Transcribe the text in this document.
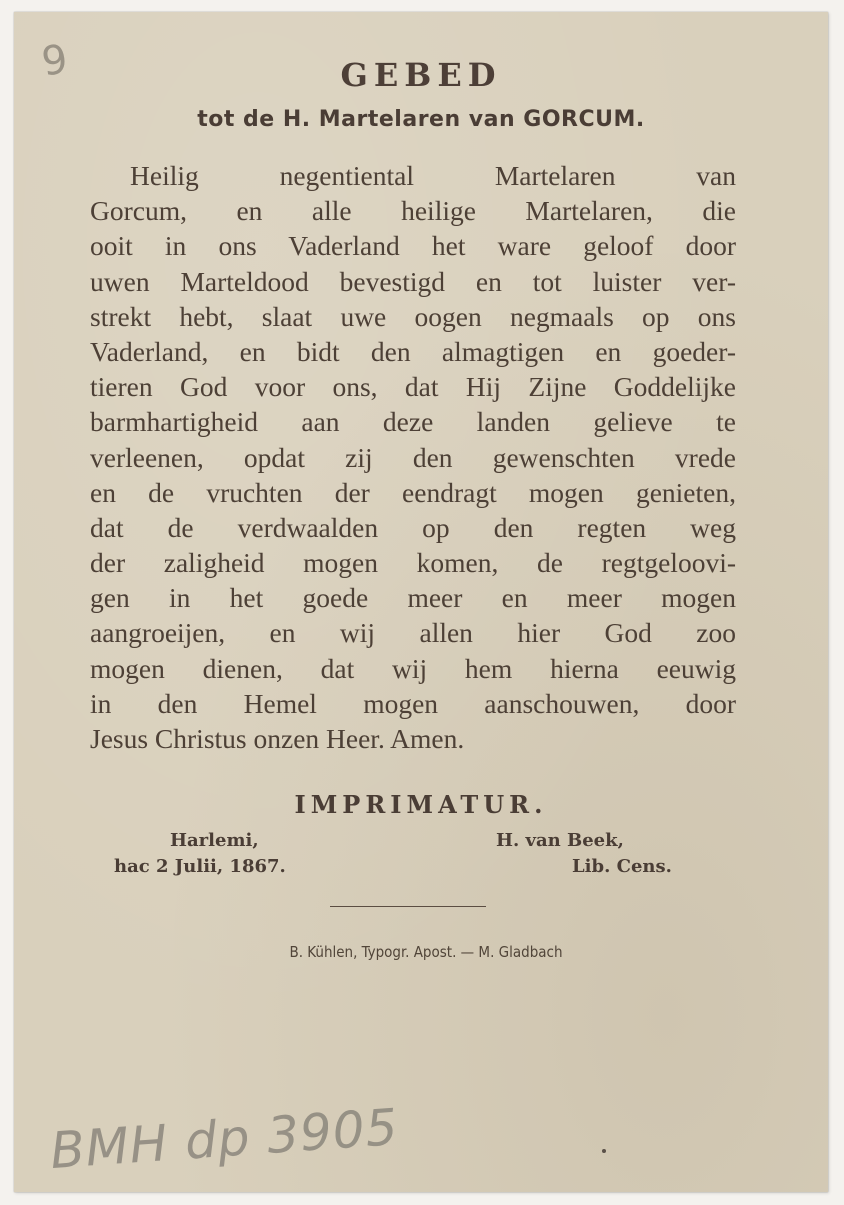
9	GEBED
tot de H. Martelaren van GORCUM.
Heilig negentiental Martelaren van
Gorcum, en alle heilige Martelaren, die
ooit in ons Vaderland het ware geloof door
uwen Marteldood bevestigd en tot luister ver-
strekt hebt, slaat uwe oogen negmaals op ons
Vaderland, en bidt den almagtigen en goeder-
tieren God voor ons, dat Hij Zijne Goddelijke
barmhartigheid aan deze landen gelieve te
verleenen, opdat zij den gewenschten vrede
en de vruchten der eendragt mogen genieten,
dat de verdwaalden op den regten weg
der zaligheid mogen komen, de regtgeloovi-
gen in het goede meer en meer mogen
aangroeijen, en wij allen hier God zoo
mogen dienen, dat wij hem hierna eeuwig
in den Hemel mogen aanschouwen, door
Jesus Christus onzen Heer. Amen.
IMPRIMATUR.
Harlemi,
hac 2 Julii, 1867.
H. van Beek,
Lib. Cens.
B. Kühlen, Typogr. Apost. — M. Gladbach
BMH dp 3905
